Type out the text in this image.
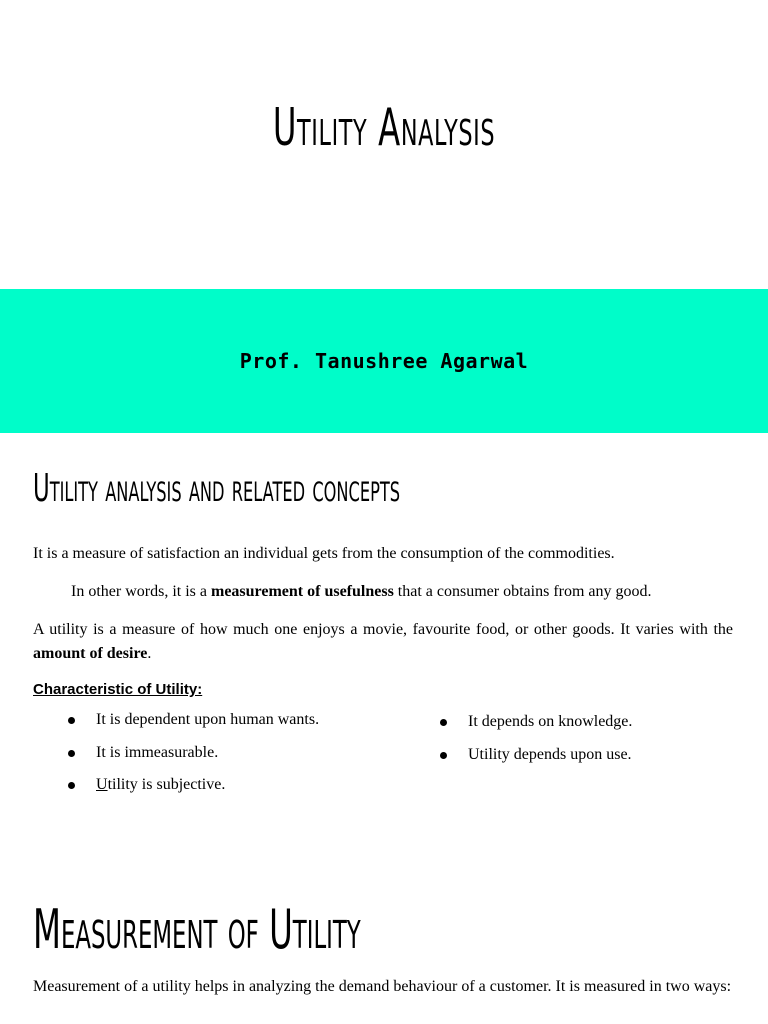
Utility Analysis
Prof. Tanushree Agarwal
Utility analysis and related concepts
It is a measure of satisfaction an individual gets from the consumption of the commodities.
In other words, it is a measurement of usefulness that a consumer obtains from any good.
A utility is a measure of how much one enjoys a movie, favourite food, or other goods. It varies with the amount of desire.
Characteristic of Utility:
It is dependent upon human wants.
It is immeasurable.
Utility is subjective.
It depends on knowledge.
Utility depends upon use.
Measurement of Utility
Measurement of a utility helps in analyzing the demand behaviour of a customer. It is measured in two ways:
